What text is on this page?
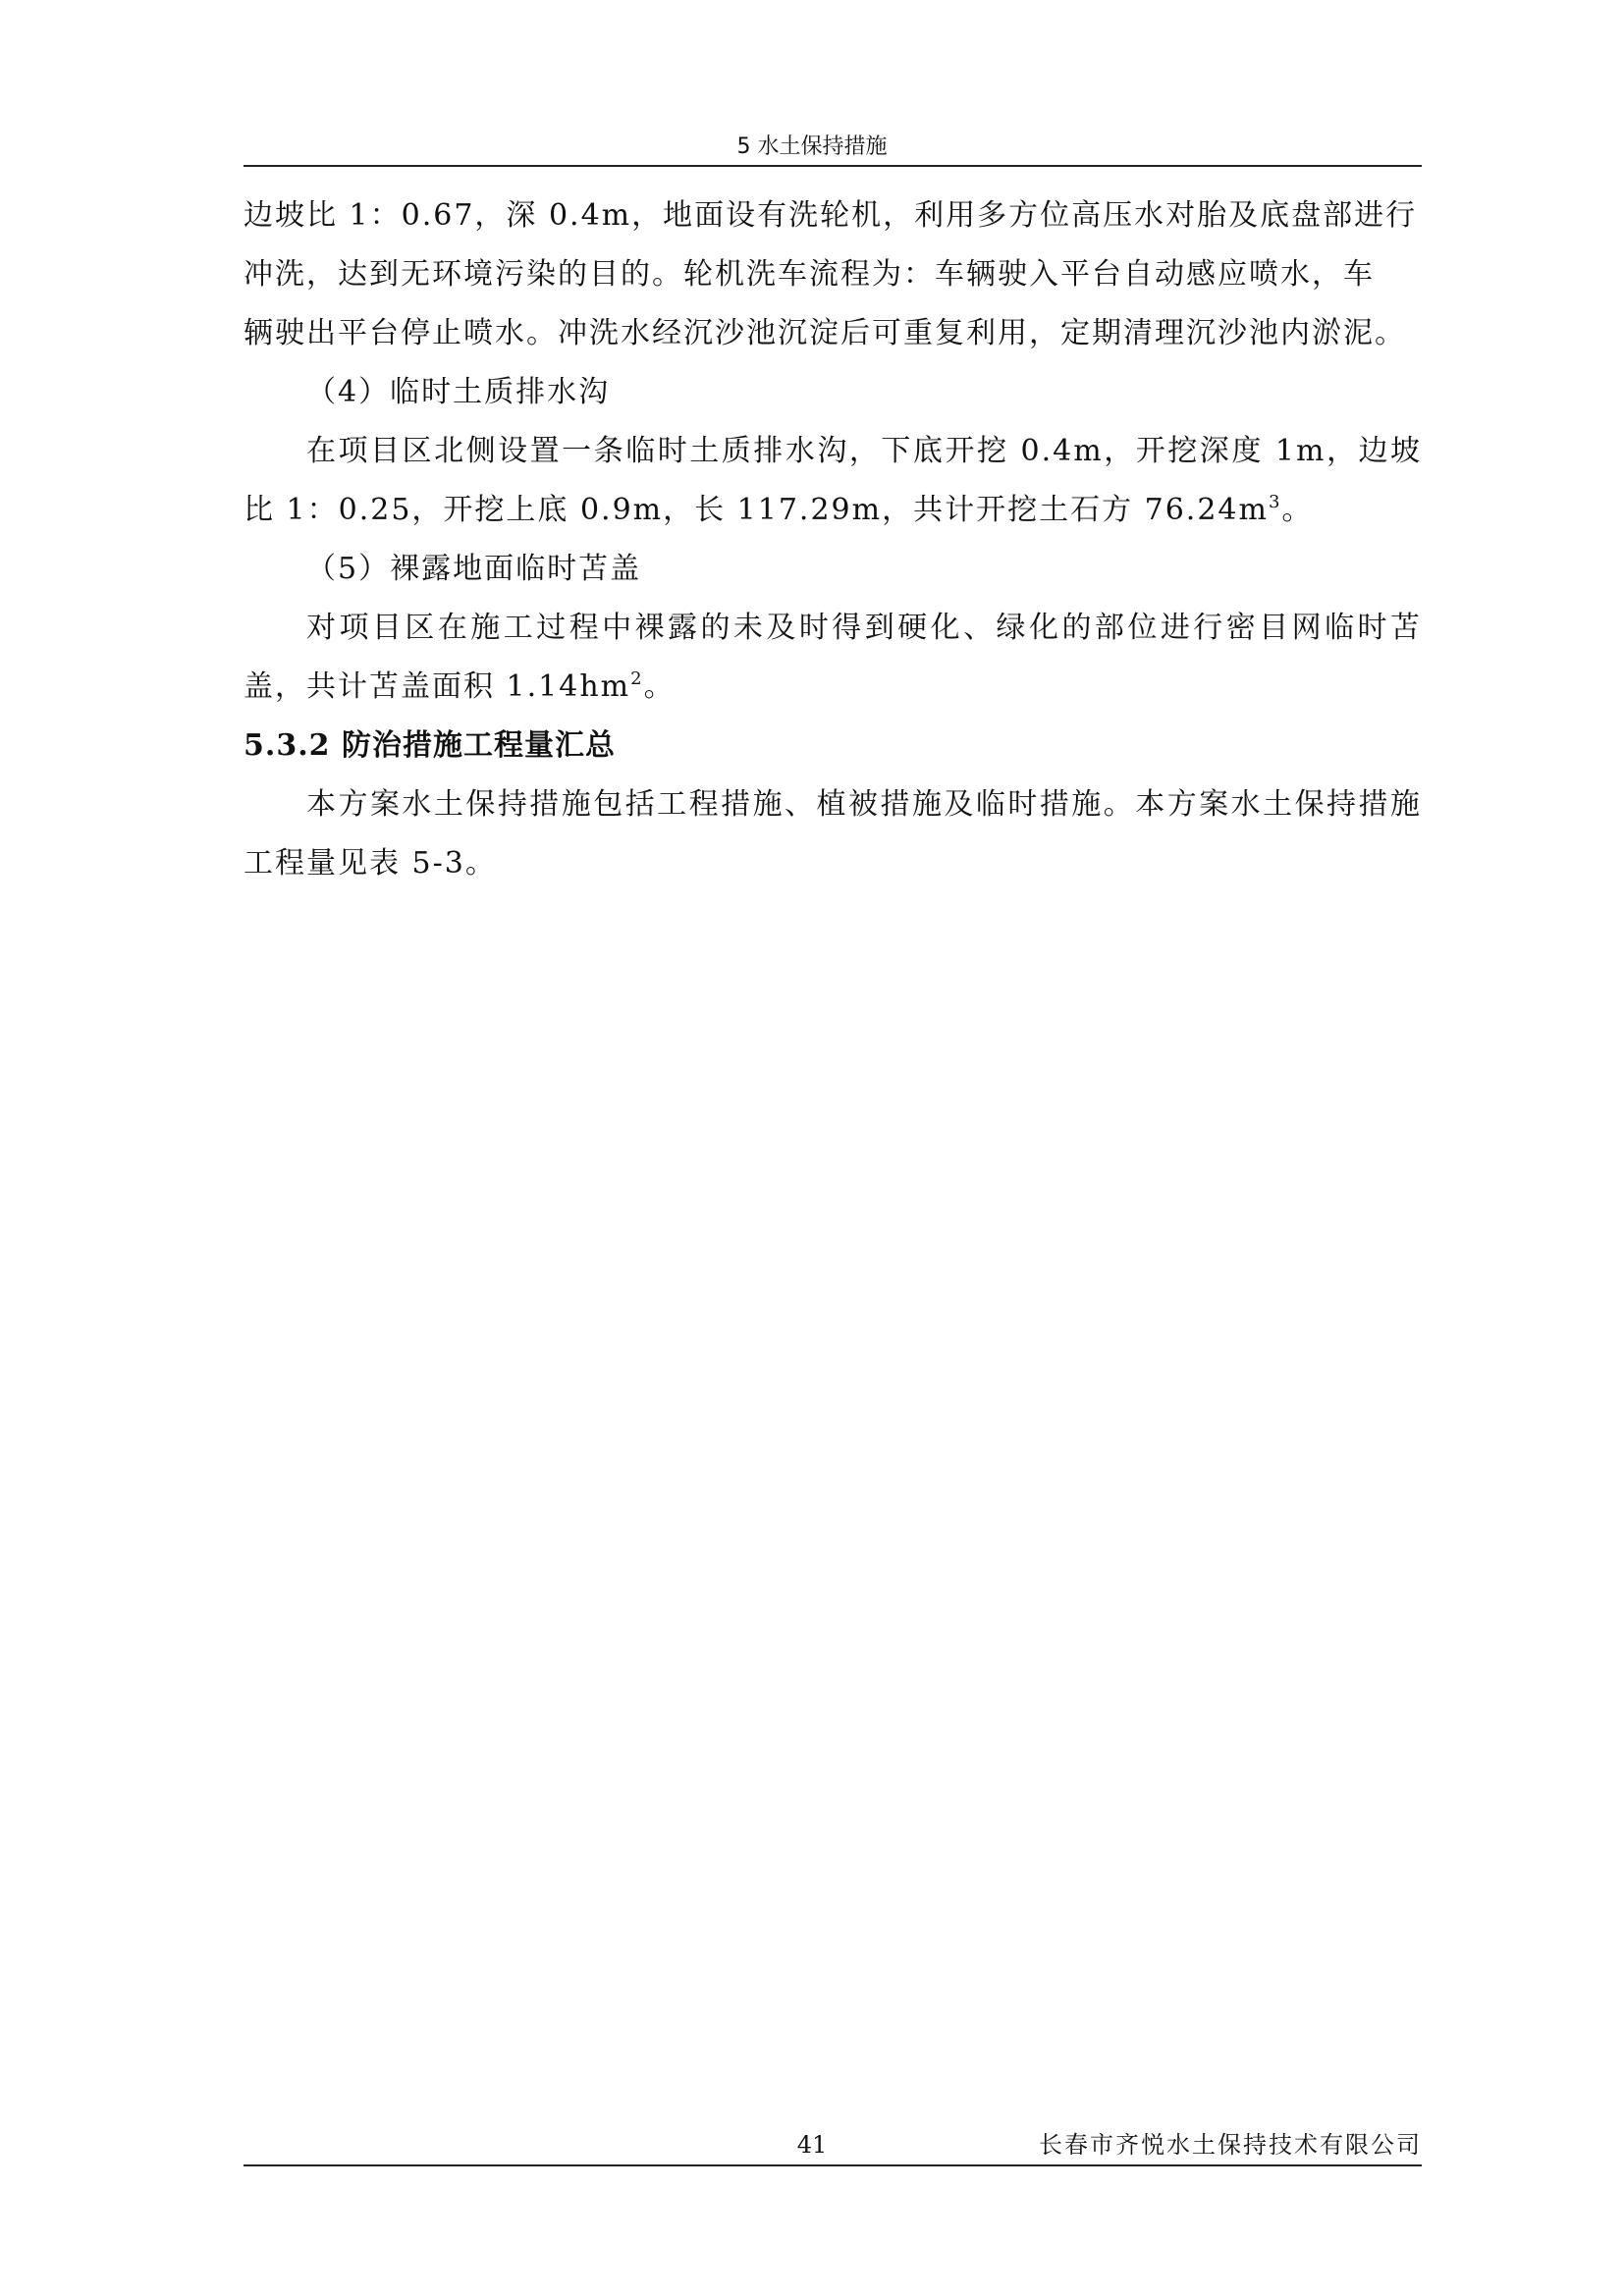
5 水土保持措施

边坡比 1：0.67，深 0.4m，地面设有洗轮机，利用多方位高压水对胎及底盘部进行

冲洗，达到无环境污染的目的。轮机洗车流程为：车辆驶入平台自动感应喷水，车

辆驶出平台停止喷水。冲洗水经沉沙池沉淀后可重复利用，定期清理沉沙池内淤泥。

（4）临时土质排水沟

在项目区北侧设置一条临时土质排水沟，下底开挖 0.4m，开挖深度 1m，边坡比 1：0.25，开挖上底 0.9m，长 117.29m，共计开挖土石方 $76.24m^3$。

（5）裸露地面临时苫盖

对项目区在施工过程中裸露的未及时得到硬化、绿化的部位进行密目网临时苫盖，共计苫盖面积 $1.14hm^2$。

5.3.2 防治措施工程量汇总

本方案水土保持措施包括工程措施、植被措施及临时措施。本方案水土保持措施工程量见表 5-3。

41	长春市齐悦水土保持技术有限公司
